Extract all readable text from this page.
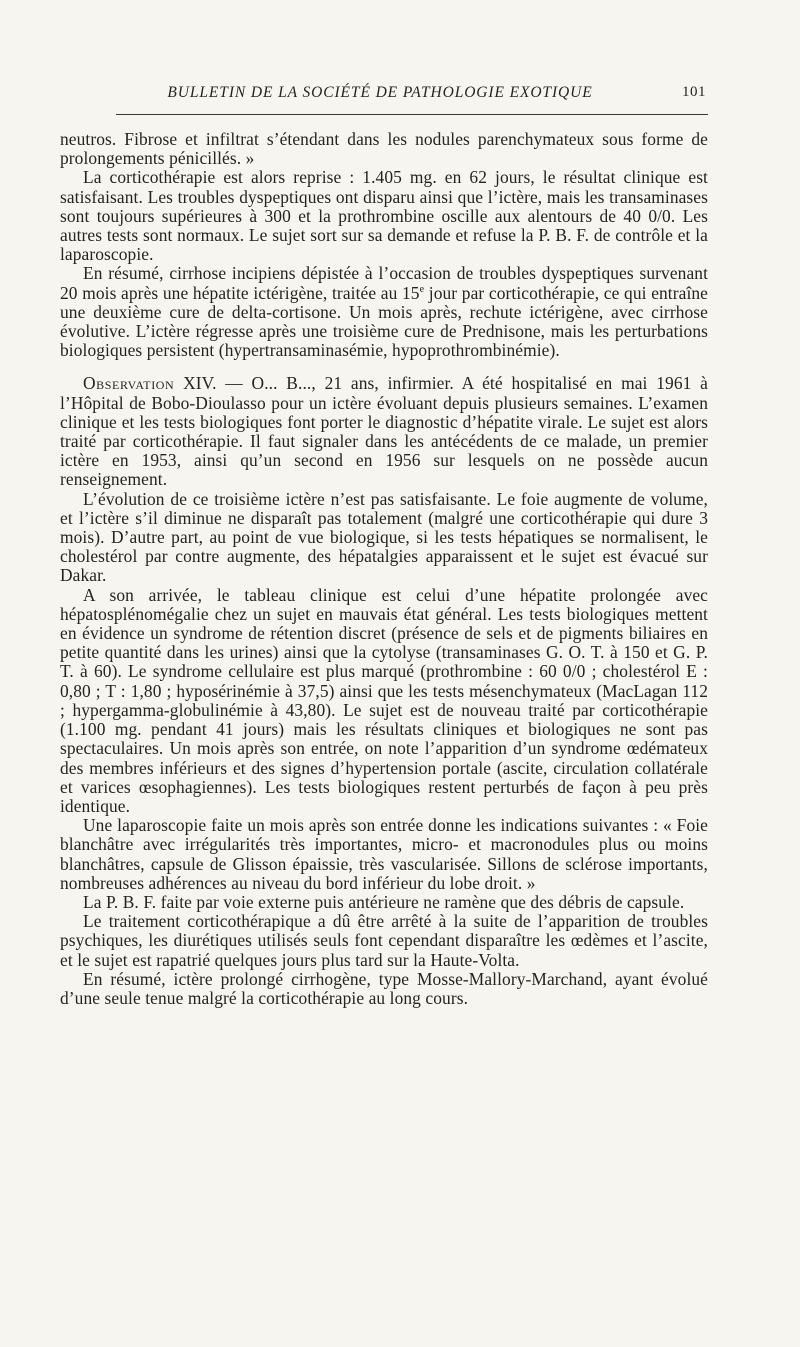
BULLETIN DE LA SOCIÉTÉ DE PATHOLOGIE EXOTIQUE	101

neutros. Fibrose et infiltrat s’étendant dans les nodules parenchymateux sous forme de prolongements pénicillés. »

La corticothérapie est alors reprise : 1.405 mg. en 62 jours, le résultat clinique est satisfaisant. Les troubles dyspeptiques ont disparu ainsi que l’ictère, mais les transaminases sont toujours supérieures à 300 et la prothrombine oscille aux alentours de 40 0/0. Les autres tests sont normaux. Le sujet sort sur sa demande et refuse la P. B. F. de contrôle et la laparoscopie.

En résumé, cirrhose incipiens dépistée à l’occasion de troubles dyspeptiques survenant 20 mois après une hépatite ictérigène, traitée au 15e jour par corticothérapie, ce qui entraîne une deuxième cure de delta-cortisone. Un mois après, rechute ictérigène, avec cirrhose évolutive. L’ictère régresse après une troisième cure de Prednisone, mais les perturbations biologiques persistent (hypertransaminasémie, hypoprothrombinémie).

Observation XIV. — O... B..., 21 ans, infirmier. A été hospitalisé en mai 1961 à l’Hôpital de Bobo-Dioulasso pour un ictère évoluant depuis plusieurs semaines. L’examen clinique et les tests biologiques font porter le diagnostic d’hépatite virale. Le sujet est alors traité par corticothérapie. Il faut signaler dans les antécédents de ce malade, un premier ictère en 1953, ainsi qu’un second en 1956 sur lesquels on ne possède aucun renseignement.

L’évolution de ce troisième ictère n’est pas satisfaisante. Le foie augmente de volume, et l’ictère s’il diminue ne disparaît pas totalement (malgré une corticothérapie qui dure 3 mois). D’autre part, au point de vue biologique, si les tests hépatiques se normalisent, le cholestérol par contre augmente, des hépatalgies apparaissent et le sujet est évacué sur Dakar.

A son arrivée, le tableau clinique est celui d’une hépatite prolongée avec hépatosplénomégalie chez un sujet en mauvais état général. Les tests biologiques mettent en évidence un syndrome de rétention discret (présence de sels et de pigments biliaires en petite quantité dans les urines) ainsi que la cytolyse (transaminases G. O. T. à 150 et G. P. T. à 60). Le syndrome cellulaire est plus marqué (prothrombine : 60 0/0 ; cholestérol E : 0,80 ; T : 1,80 ; hyposérinémie à 37,5) ainsi que les tests mésenchymateux (MacLagan 112 ; hypergamma-globulinémie à 43,80). Le sujet est de nouveau traité par corticothérapie (1.100 mg. pendant 41 jours) mais les résultats cliniques et biologiques ne sont pas spectaculaires. Un mois après son entrée, on note l’apparition d’un syndrome œdémateux des membres inférieurs et des signes d’hypertension portale (ascite, circulation collatérale et varices œsophagiennes). Les tests biologiques restent perturbés de façon à peu près identique.

Une laparoscopie faite un mois après son entrée donne les indications suivantes : « Foie blanchâtre avec irrégularités très importantes, micro- et macronodules plus ou moins blanchâtres, capsule de Glisson épaissie, très vascularisée. Sillons de sclérose importants, nombreuses adhérences au niveau du bord inférieur du lobe droit. »

La P. B. F. faite par voie externe puis antérieure ne ramène que des débris de capsule.

Le traitement corticothérapique a dû être arrêté à la suite de l’apparition de troubles psychiques, les diurétiques utilisés seuls font cependant disparaître les œdèmes et l’ascite, et le sujet est rapatrié quelques jours plus tard sur la Haute-Volta.

En résumé, ictère prolongé cirrhogène, type Mosse-Mallory-Marchand, ayant évolué d’une seule tenue malgré la corticothérapie au long cours.
